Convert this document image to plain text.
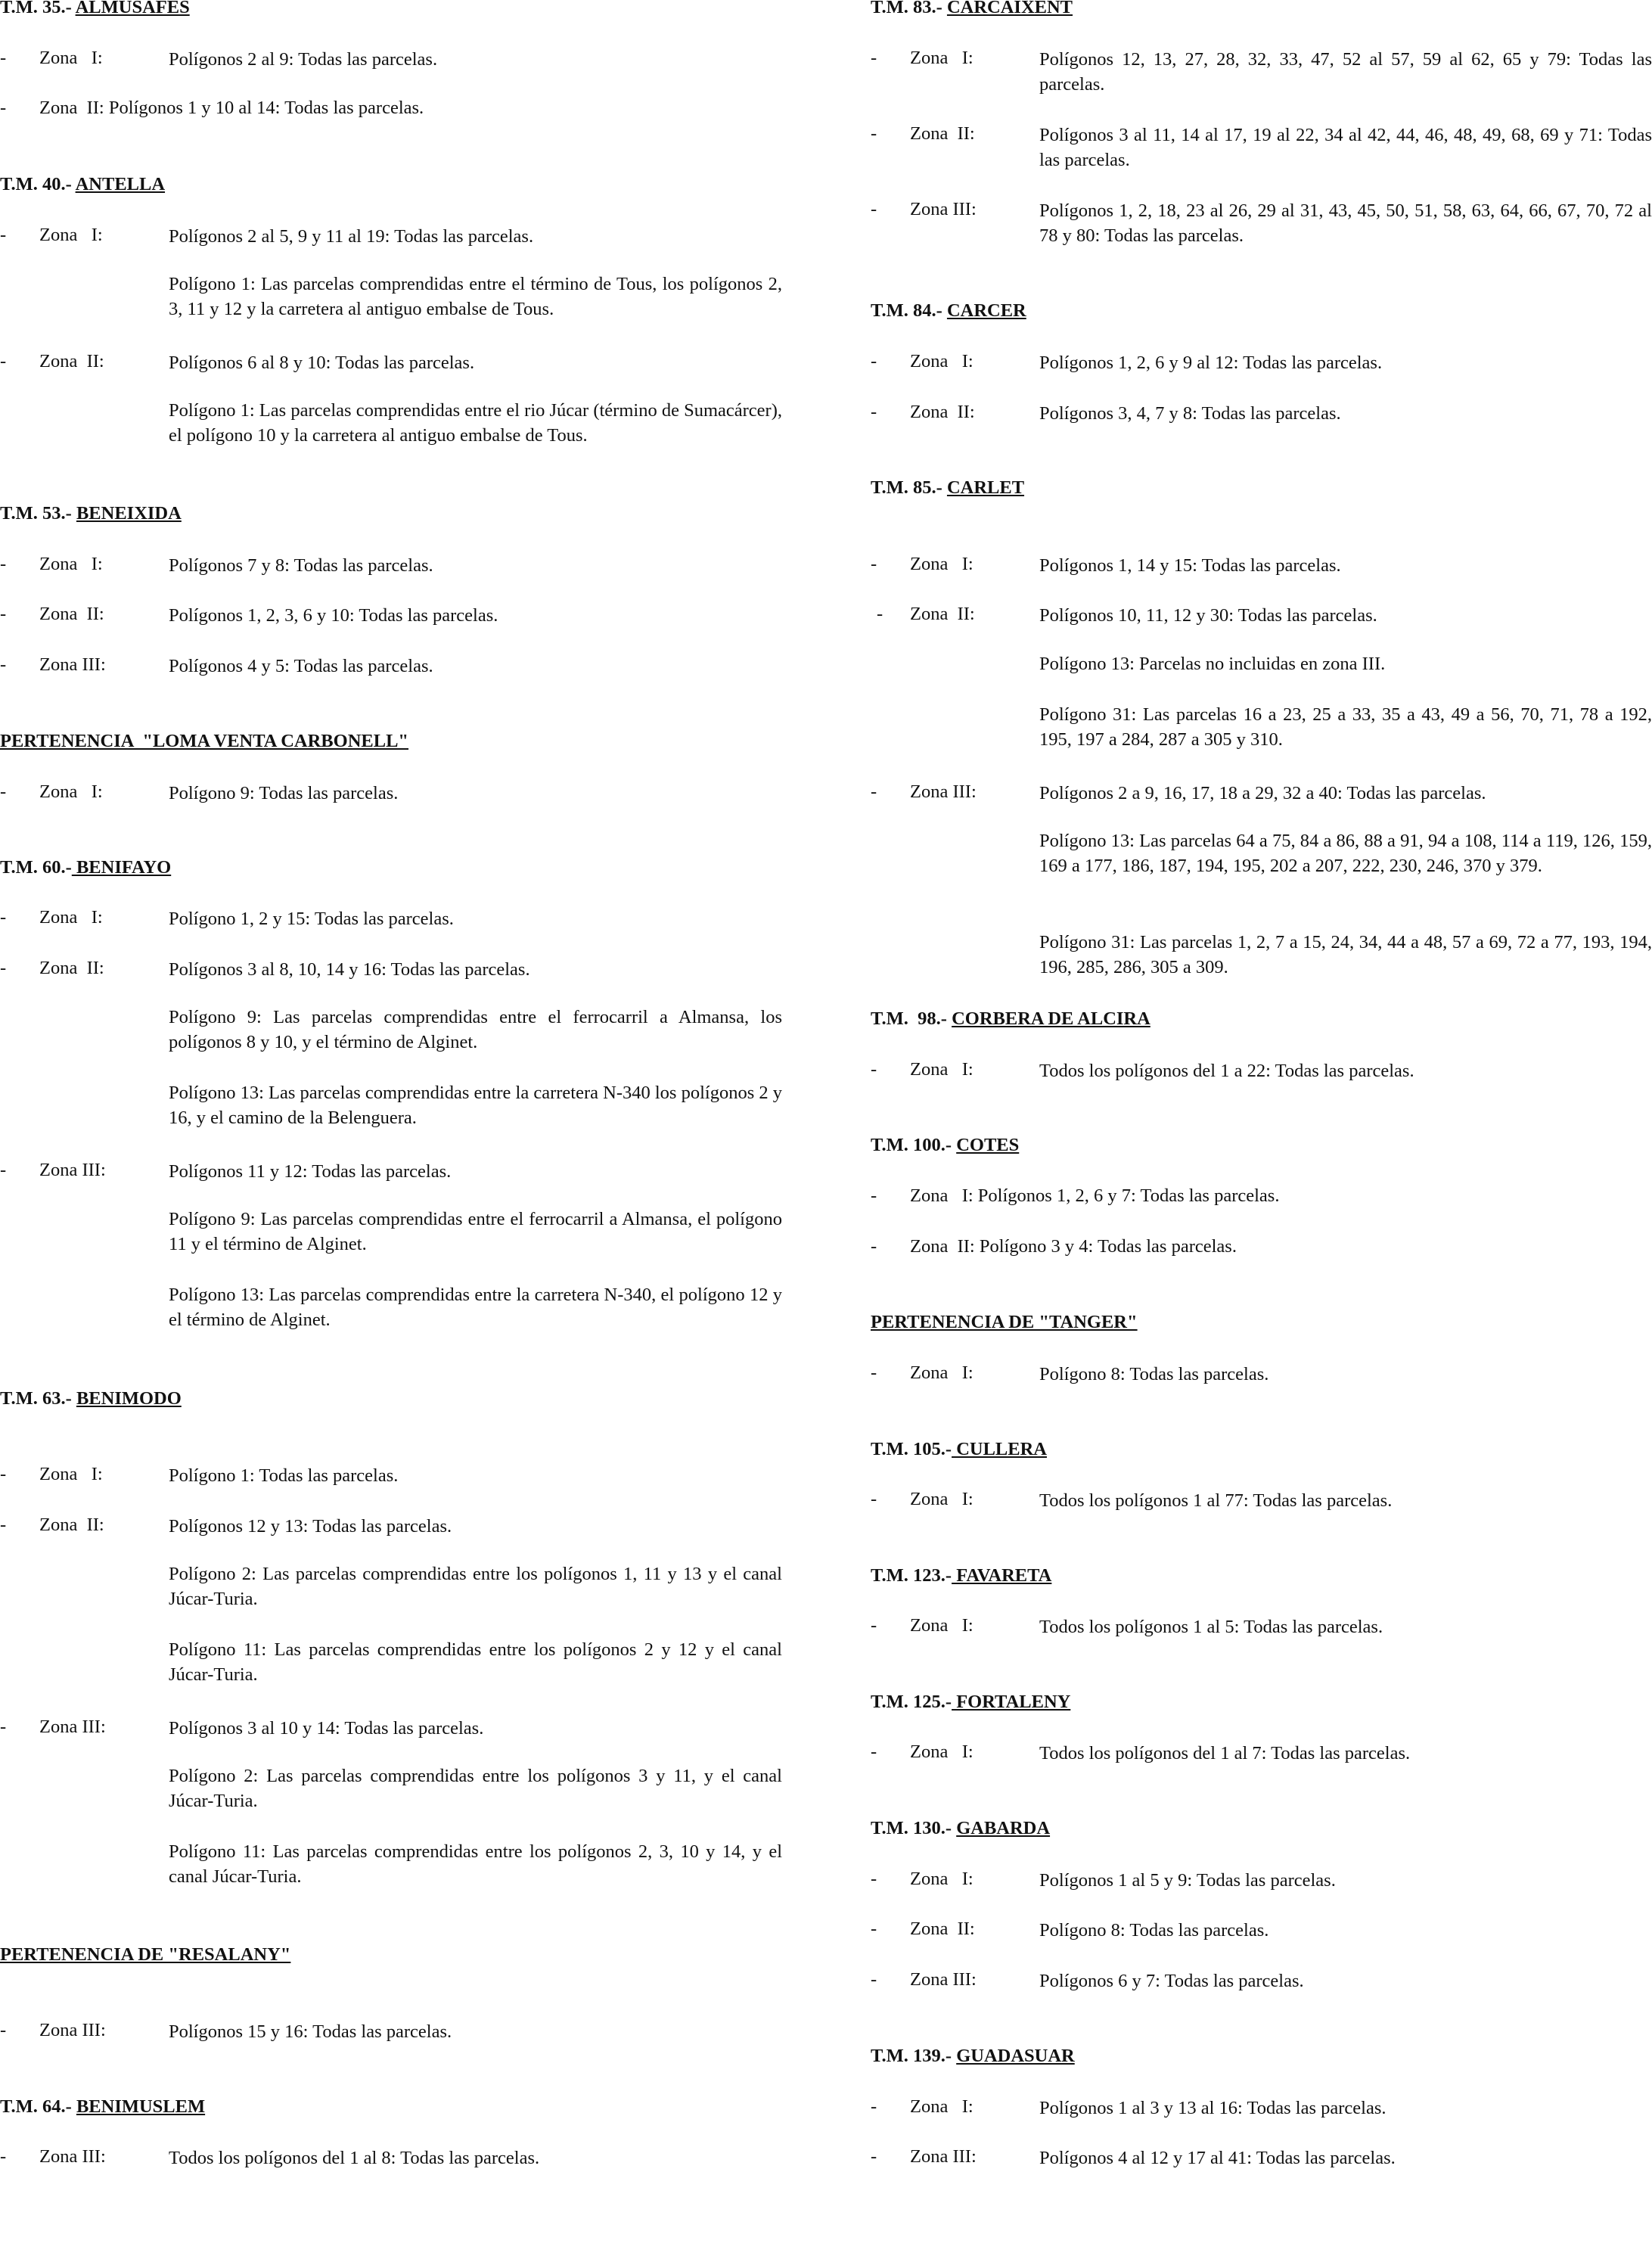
T.M. 35.- ALMUSAFES

-

Zona   I:

	Polígonos 2 al 9: Todas las parcelas.

-

Zona  II: Polígonos 1 y 10 al 14: Todas las parcelas.

T.M. 40.- ANTELLA

-

Zona   I:

	Polígonos 2 al 5, 9 y 11 al 19: Todas las parcelas.

Polígono 1: Las parcelas comprendidas entre el término de Tous, los polígonos 2, 3, 11 y 12 y la carretera al antiguo embalse de Tous.

-

Zona  II:

	Polígonos 6 al 8 y 10: Todas las parcelas.

Polígono 1: Las parcelas comprendidas entre el rio Júcar (término de Sumacárcer), el polígono 10 y la carretera al antiguo embalse de Tous.
T.M. 53.- BENEIXIDA

-

Zona   I:

	Polígonos 7 y 8: Todas las parcelas.

-

Zona  II:

	Polígonos 1, 2, 3, 6 y 10: Todas las parcelas.

-

Zona III:

	Polígonos 4 y 5: Todas las parcelas.

PERTENENCIA  "LOMA VENTA CARBONELL"

-

Zona   I:

	Polígono 9: Todas las parcelas.

T.M. 60.- BENIFAYO

-

Zona   I:

	Polígono 1, 2 y 15: Todas las parcelas.

-

Zona  II:

	Polígonos 3 al 8, 10, 14 y 16: Todas las parcelas.

Polígono 9: Las parcelas comprendidas entre el ferrocarril a Almansa, los polígonos 8 y 10, y el término de Alginet.
Polígono 13: Las parcelas comprendidas entre la carretera N-340 los polígonos 2 y 16, y el camino de la Belenguera.

-

Zona III:

	Polígonos 11 y 12: Todas las parcelas.

Polígono 9: Las parcelas comprendidas entre el ferrocarril a Almansa, el polígono 11 y el término de Alginet.
Polígono 13: Las parcelas comprendidas entre la carretera N-340, el polígono 12 y el término de Alginet.
T.M. 63.- BENIMODO

-

Zona   I:

	Polígono 1: Todas las parcelas.

-

Zona  II:

	Polígonos 12 y 13: Todas las parcelas.

Polígono 2: Las parcelas comprendidas entre los polígonos 1, 11 y 13 y el canal Júcar-Turia.
Polígono 11: Las parcelas comprendidas entre los polígonos 2 y 12 y el canal Júcar-Turia.

-

Zona III:

	Polígonos 3 al 10 y 14: Todas las parcelas.

Polígono 2: Las parcelas comprendidas entre los polígonos 3 y 11, y el canal Júcar-Turia.
Polígono 11: Las parcelas comprendidas entre los polígonos 2, 3, 10 y 14, y el canal Júcar-Turia.
PERTENENCIA DE "RESALANY"

-

Zona III:

	Polígonos 15 y 16: Todas las parcelas.

T.M. 64.- BENIMUSLEM

-

Zona III:

	Todos los polígonos del 1 al 8: Todas las parcelas.

T.M. 83.- CARCAIXENT

-

Zona   I:

	Polígonos 12, 13, 27, 28, 32, 33, 47, 52 al 57, 59 al 62, 65 y 79: Todas las parcelas.

-

Zona  II:

	Polígonos 3 al 11, 14 al 17, 19 al 22, 34 al 42, 44, 46, 48, 49, 68, 69 y 71: Todas las parcelas.

-

Zona III:

	Polígonos 1, 2, 18, 23 al 26, 29 al 31, 43, 45, 50, 51, 58, 63, 64, 66, 67, 70, 72 al 78 y 80: Todas las parcelas.

T.M. 84.- CARCER

-

Zona   I:

	Polígonos 1, 2, 6 y 9 al 12: Todas las parcelas.

-

Zona  II:

	Polígonos 3, 4, 7 y 8: Todas las parcelas.

T.M. 85.- CARLET

-

Zona   I:

	Polígonos 1, 14 y 15: Todas las parcelas.

-

Zona  II:

	Polígonos 10, 11, 12 y 30: Todas las parcelas.

Polígono 13: Parcelas no incluidas en zona III.
Polígono 31: Las parcelas 16 a 23, 25 a 33, 35 a 43, 49 a 56, 70, 71, 78 a 192, 195, 197 a 284, 287 a 305 y 310.

-

Zona III:

	Polígonos 2 a 9, 16, 17, 18 a 29, 32 a 40: Todas las parcelas.

Polígono 13: Las parcelas 64 a 75, 84 a 86, 88 a 91, 94 a 108, 114 a 119, 126, 159, 169 a 177, 186, 187, 194, 195, 202 a 207, 222, 230, 246, 370 y 379.
Polígono 31: Las parcelas 1, 2, 7 a 15, 24, 34, 44 a 48, 57 a 69, 72 a 77, 193, 194, 196, 285, 286, 305 a 309.
T.M.  98.- CORBERA DE ALCIRA

-

Zona   I:

	Todos los polígonos del 1 a 22: Todas las parcelas.

T.M. 100.- COTES

-

Zona   I: Polígonos 1, 2, 6 y 7: Todas las parcelas.

-

Zona  II: Polígono 3 y 4: Todas las parcelas.

PERTENENCIA DE "TANGER"

-

Zona   I:

	Polígono 8: Todas las parcelas.

T.M. 105.- CULLERA

-

Zona   I:

	Todos los polígonos 1 al 77: Todas las parcelas.

T.M. 123.- FAVARETA

-

Zona   I:

	Todos los polígonos 1 al 5: Todas las parcelas.

T.M. 125.- FORTALENY

-

Zona   I:

	Todos los polígonos del 1 al 7: Todas las parcelas.

T.M. 130.- GABARDA

-

Zona   I:

	Polígonos 1 al 5 y 9: Todas las parcelas.

-

Zona  II:

	Polígono 8: Todas las parcelas.

-

Zona III:

	Polígonos 6 y 7: Todas las parcelas.

T.M. 139.- GUADASUAR

-

Zona   I:

	Polígonos 1 al 3 y 13 al 16: Todas las parcelas.

-

Zona III:

	Polígonos 4 al 12 y 17 al 41: Todas las parcelas.
